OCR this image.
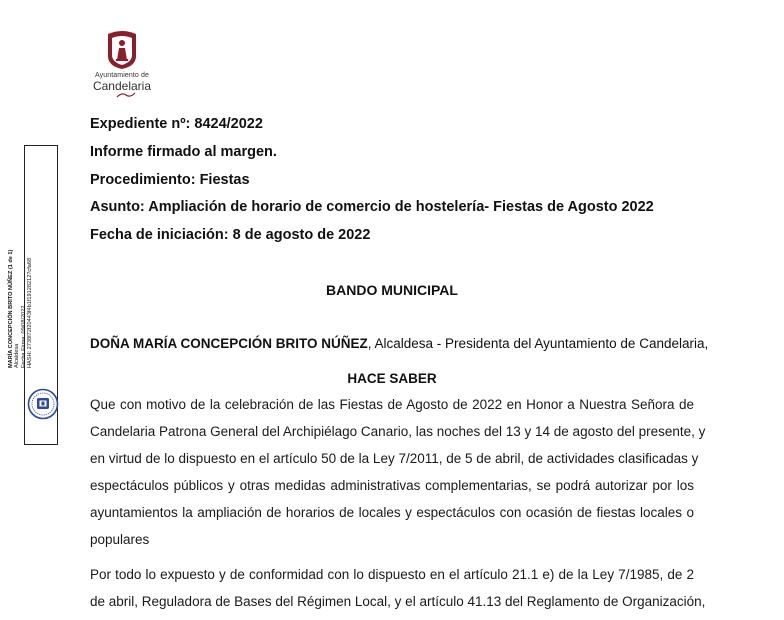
Ayuntamiento de
Candelaria
MARÍA CONCEPCIÓN BRITO NÚÑEZ (1 de 1) Alcaldesa Fecha Firma: 09/08/2022 HASH: 2738f72f20443f4b1f19128212?cfa68
Expediente nº: 8424/2022
Informe firmado al margen.
Procedimiento: Fiestas
Asunto: Ampliación de horario de comercio de hostelería- Fiestas de Agosto 2022
Fecha de iniciación: 8 de agosto de 2022
BANDO MUNICIPAL
DOÑA MARÍA CONCEPCIÓN BRITO NÚÑEZ, Alcaldesa - Presidenta del Ayuntamiento de Candelaria,
HACE SABER
Que con motivo de la celebración de las Fiestas de Agosto de 2022 en Honor a Nuestra Señora de
Candelaria Patrona General del Archipiélago Canario, las noches del 13 y 14 de agosto del presente, y
en virtud de lo dispuesto en el artículo 50 de la Ley 7/2011, de 5 de abril, de actividades clasificadas y
espectáculos públicos y otras medidas administrativas complementarias, se podrá autorizar por los
ayuntamientos la ampliación de horarios de locales y espectáculos con ocasión de fiestas locales o
populares
Por todo lo expuesto y de conformidad con lo dispuesto en el artículo 21.1 e) de la Ley 7/1985, de 2
de abril, Reguladora de Bases del Régimen Local, y el artículo 41.13 del Reglamento de Organización,
